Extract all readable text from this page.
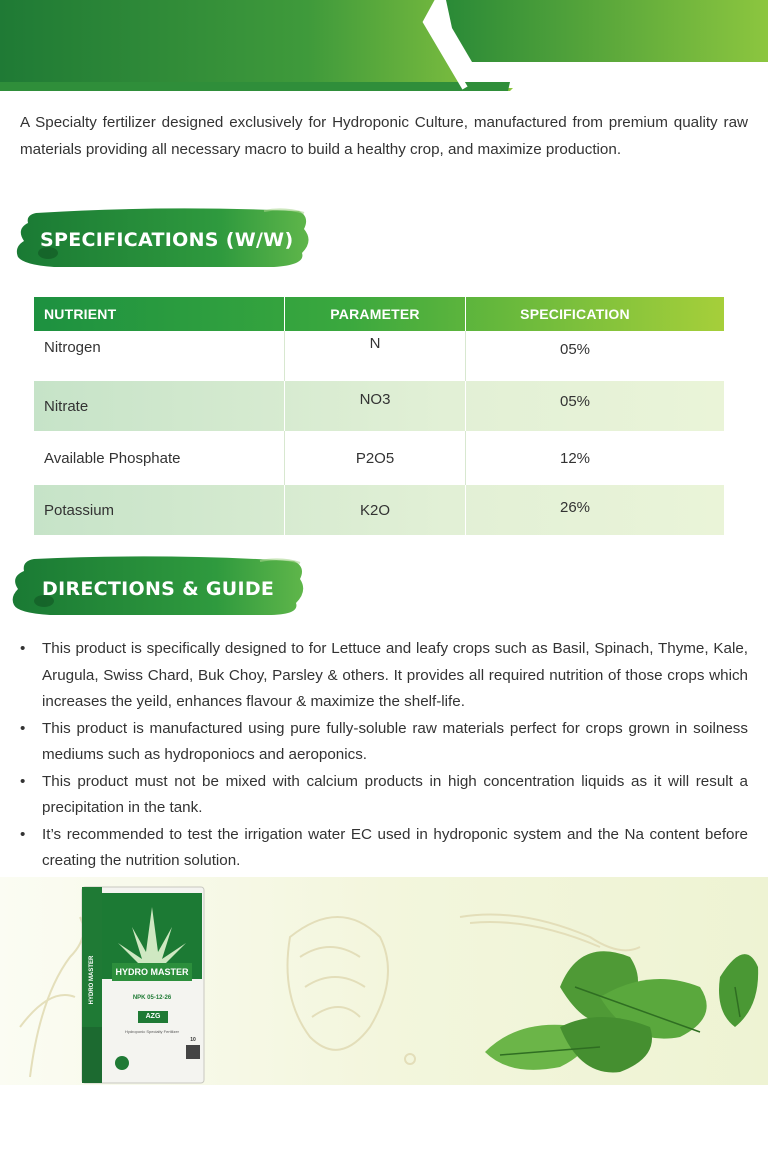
A Specialty fertilizer designed exclusively for Hydroponic Culture, manufactured from premium quality raw materials providing all necessary macro to build a healthy crop, and maximize production.
SPECIFICATIONS (W/W)
NUTRIENT	PARAMETER	SPECIFICATION
Nitrogen	N	05%
Nitrate	NO3	05%
Available Phosphate	P2O5	12%
Potassium	K2O	26%
DIRECTIONS & GUIDE
• This product is specifically designed to for Lettuce and leafy crops such as Basil, Spinach, Thyme, Kale, Arugula, Swiss Chard, Buk Choy, Parsley & others. It provides all required nutrition of those crops which increases the yeild, enhances flavour & maximize the shelf-life.
• This product is manufactured using pure fully-soluble raw materials perfect for crops grown in soilness mediums such as hydroponiocs and aeroponics.
• This product must not be mixed with calcium products in high concentration liquids as it will result a precipitation in the tank.
• It’s recommended to test the irrigation water EC used in hydroponic system and the Na content before creating the nutrition solution.
HYDRO MASTER
NPK 05-12-26
AZG
Hydroponic Specialty Fertilizer
10
HYDRO MASTER
